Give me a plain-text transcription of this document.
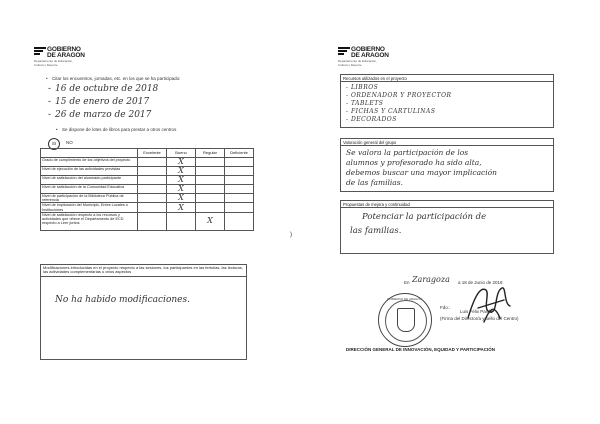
GOBIERNO
DE ARAGON
Departamento de Educación,
Cultura y Deporte
• Citar los encuentros, jornadas, etc. en los que se ha participado:
- 16 de octubre de 2018
- 15 de enero de 2017
- 26 de marzo de 2017
• Se dispone de lotes de libros para prestar a otros centros
SI	NO
	Excelente	Bueno	Regular	Deficiente
Grado de cumplimiento de los objetivos del proyecto		X		
Nivel de ejecución de las actividades previstas		X		
Nivel de satisfacción del alumnado participante		X		
Nivel de satisfacción de la Comunidad Educativa		X		
Nivel de participación de la Biblioteca Pública de referencia		X		
Nivel de implicación del Municipio, Entes Locales o Instituciones		X		
Nivel de satisfacción respecto a los recursos y actividades que ofrece el Departamento de ECD respecto a Leer juntos			X	
Modificaciones introducidas en el proyecto respecto a las sesiones, los participantes en las tertulias, las lecturas, las actividades complementarias u otros aspectos
No ha habido modificaciones.
)
GOBIERNO
DE ARAGON
Departamento de Educación,
Cultura y Deporte
Recursos utilizados en el proyecto
- LIBROS
- ORDENADOR Y PROYECTOR
- TABLETS
- FICHAS Y CARTULINAS
- DECORADOS
Valoración general del grupo
Se valora la participación de los
alumnos y profesorado ha sido alta,
debemos buscar una mayor implicación
de las familias.
Propuestas de mejora y continuidad
Potenciar la participación de
las familias.
En Zaragoza a 18 de Junio de 2018
Fdo.:
Luis Félix Pardo
(Firma del Director/a y sello del Centro)
DIRECCIÓN GENERAL DE INNOVACIÓN, EQUIDAD Y PARTICIPACIÓN
GOBIERNO DE ARAGÓN
